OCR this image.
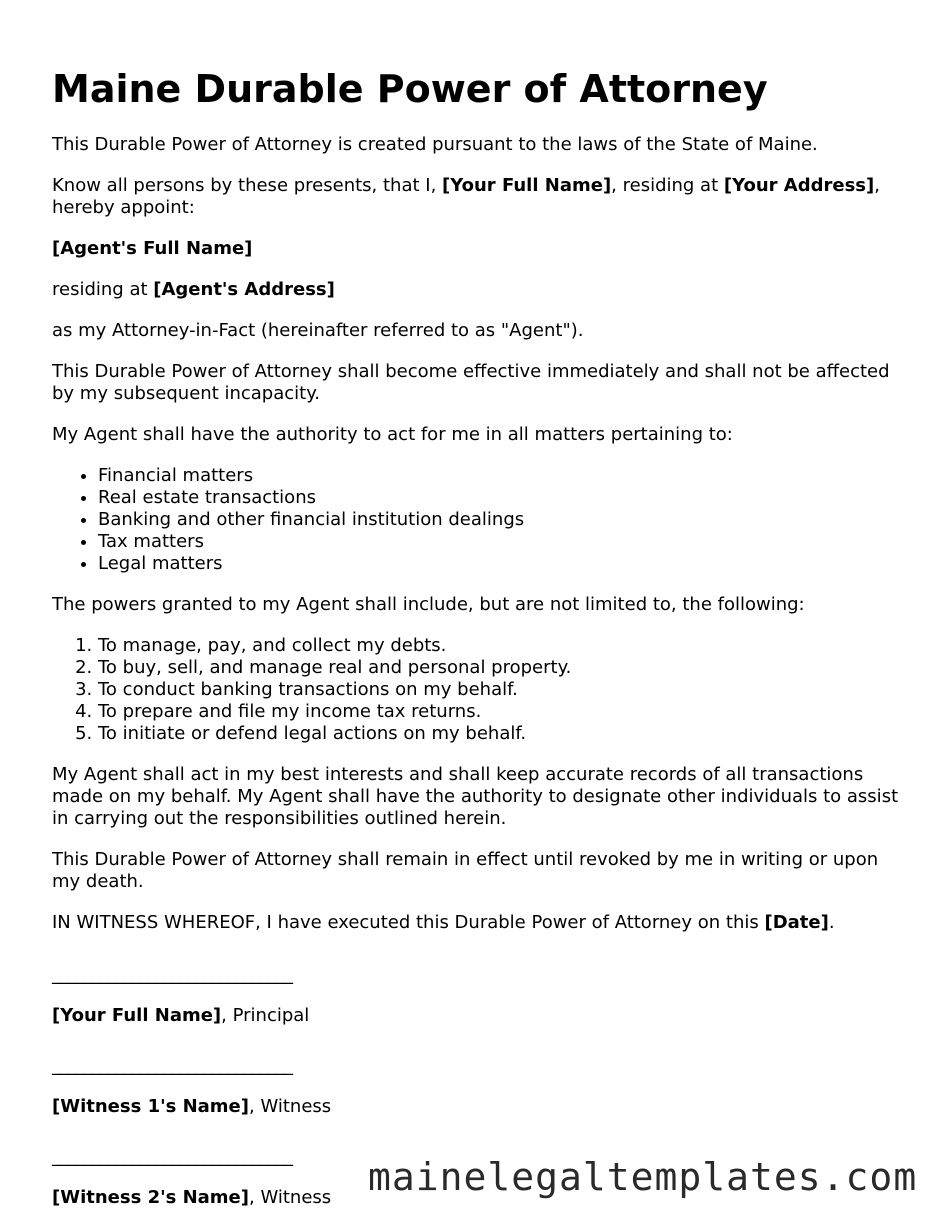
Maine Durable Power of Attorney

This Durable Power of Attorney is created pursuant to the laws of the State of Maine.

Know all persons by these presents, that I, [Your Full Name], residing at [Your Address], hereby appoint:

[Agent's Full Name]

residing at [Agent's Address]

as my Attorney-in-Fact (hereinafter referred to as "Agent").

This Durable Power of Attorney shall become effective immediately and shall not be affected by my subsequent incapacity.

My Agent shall have the authority to act for me in all matters pertaining to:

• Financial matters
• Real estate transactions
• Banking and other financial institution dealings
• Tax matters
• Legal matters

The powers granted to my Agent shall include, but are not limited to, the following:

1. To manage, pay, and collect my debts.
2. To buy, sell, and manage real and personal property.
3. To conduct banking transactions on my behalf.
4. To prepare and file my income tax returns.
5. To initiate or defend legal actions on my behalf.

My Agent shall act in my best interests and shall keep accurate records of all transactions made on my behalf. My Agent shall have the authority to designate other individuals to assist in carrying out the responsibilities outlined herein.

This Durable Power of Attorney shall remain in effect until revoked by me in writing or upon my death.

IN WITNESS WHEREOF, I have executed this Durable Power of Attorney on this [Date].

______________________________

[Your Full Name], Principal

______________________________

[Witness 1's Name], Witness

______________________________

[Witness 2's Name], Witness mainelegaltemplates.com
